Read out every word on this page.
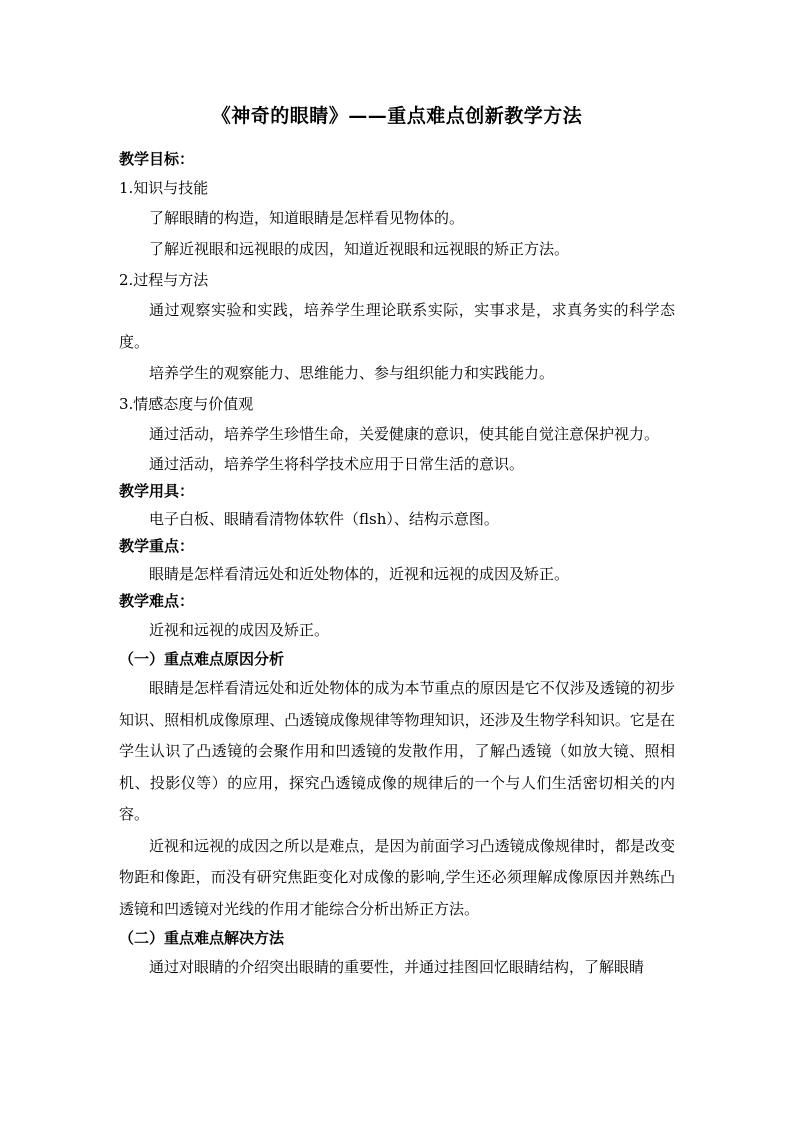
《神奇的眼睛》——重点难点创新教学方法

教学目标：

1.知识与技能

了解眼睛的构造，知道眼睛是怎样看见物体的。

了解近视眼和远视眼的成因，知道近视眼和远视眼的矫正方法。

2.过程与方法

通过观察实验和实践，培养学生理论联系实际，实事求是，求真务实的科学态度。

培养学生的观察能力、思维能力、参与组织能力和实践能力。

3.情感态度与价值观

通过活动，培养学生珍惜生命，关爱健康的意识，使其能自觉注意保护视力。

通过活动，培养学生将科学技术应用于日常生活的意识。

教学用具：

电子白板、眼睛看清物体软件（flsh）、结构示意图。

教学重点：

眼睛是怎样看清远处和近处物体的，近视和远视的成因及矫正。

教学难点：

近视和远视的成因及矫正。

（一）重点难点原因分析

眼睛是怎样看清远处和近处物体的成为本节重点的原因是它不仅涉及透镜的初步知识、照相机成像原理、凸透镜成像规律等物理知识，还涉及生物学科知识。它是在学生认识了凸透镜的会聚作用和凹透镜的发散作用，了解凸透镜（如放大镜、照相机、投影仪等）的应用，探究凸透镜成像的规律后的一个与人们生活密切相关的内容。

近视和远视的成因之所以是难点，是因为前面学习凸透镜成像规律时，都是改变物距和像距，而没有研究焦距变化对成像的影响,学生还必须理解成像原因并熟练凸透镜和凹透镜对光线的作用才能综合分析出矫正方法。

（二）重点难点解决方法

通过对眼睛的介绍突出眼睛的重要性，并通过挂图回忆眼睛结构，了解眼睛
